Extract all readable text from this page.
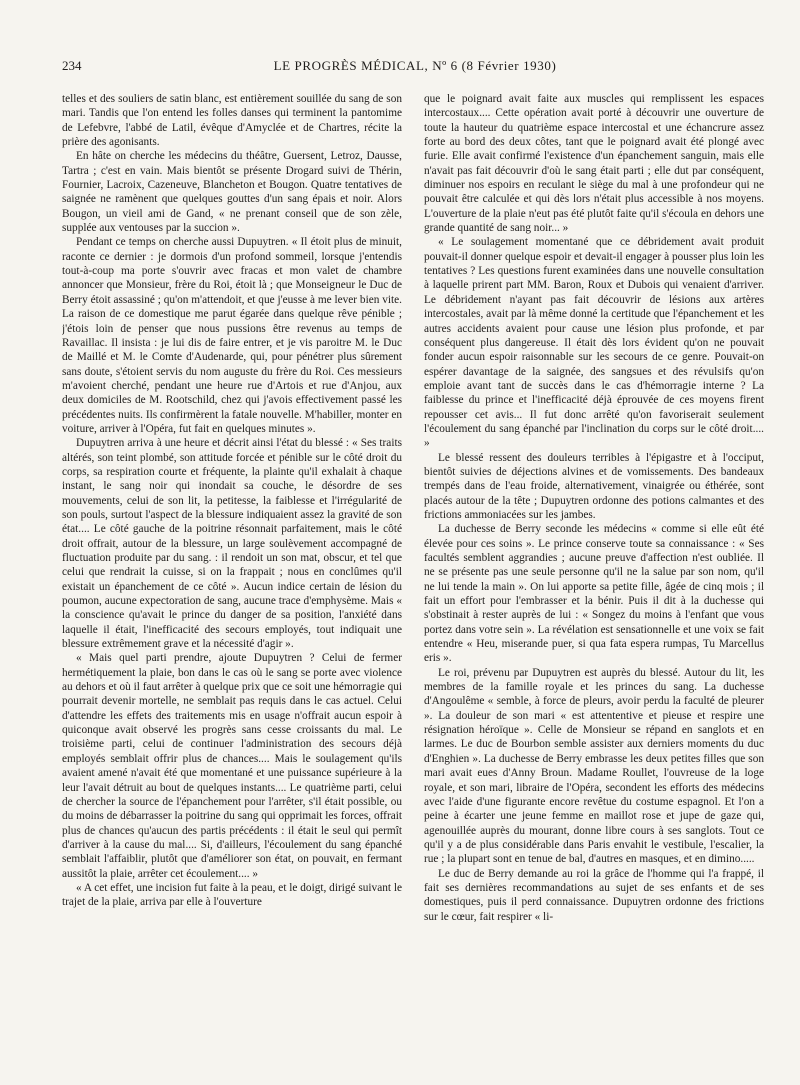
234	LE PROGRÈS MÉDICAL, Nº 6 (8 Février 1930)

telles et des souliers de satin blanc, est entièrement souillée du sang de son mari. Tandis que l'on entend les folles danses qui terminent la pantomime de Lefebvre, l'abbé de Latil, évêque d'Amyclée et de Chartres, récite la prière des agonisants.

En hâte on cherche les médecins du théâtre, Guersent, Letroz, Dausse, Tartra ; c'est en vain. Mais bientôt se présente Drogard suivi de Thérin, Fournier, Lacroix, Cazeneuve, Blancheton et Bougon. Quatre tentatives de saignée ne ramènent que quelques gouttes d'un sang épais et noir. Alors Bougon, un vieil ami de Gand, « ne prenant conseil que de son zèle, supplée aux ventouses par la succion ».

Pendant ce temps on cherche aussi Dupuytren. « Il étoit plus de minuit, raconte ce dernier : je dormois d'un profond sommeil, lorsque j'entendis tout-à-coup ma porte s'ouvrir avec fracas et mon valet de chambre annoncer que Monsieur, frère du Roi, étoit là ; que Monseigneur le Duc de Berry étoit assassiné ; qu'on m'attendoit, et que j'eusse à me lever bien vite. La raison de ce domestique me parut égarée dans quelque rêve pénible ; j'étois loin de penser que nous pussions être revenus au temps de Ravaillac. Il insista : je lui dis de faire entrer, et je vis paroitre M. le Duc de Maillé et M. le Comte d'Audenarde, qui, pour pénétrer plus sûrement sans doute, s'étoient servis du nom auguste du frère du Roi. Ces messieurs m'avoient cherché, pendant une heure rue d'Artois et rue d'Anjou, aux deux domiciles de M. Rootschild, chez qui j'avois effectivement passé les précédentes nuits. Ils confirmèrent la fatale nouvelle. M'habiller, monter en voiture, arriver à l'Opéra, fut fait en quelques minutes ».

Dupuytren arriva à une heure et décrit ainsi l'état du blessé : « Ses traits altérés, son teint plombé, son attitude forcée et pénible sur le côté droit du corps, sa respiration courte et fréquente, la plainte qu'il exhalait à chaque instant, le sang noir qui inondait sa couche, le désordre de ses mouvements, celui de son lit, la petitesse, la faiblesse et l'irrégularité de son pouls, surtout l'aspect de la blessure indiquaient assez la gravité de son état.... Le côté gauche de la poitrine résonnait parfaitement, mais le côté droit offrait, autour de la blessure, un large soulèvement accompagné de fluctuation produite par du sang. : il rendoit un son mat, obscur, et tel que celui que rendrait la cuisse, si on la frappait ; nous en conclûmes qu'il existait un épanchement de ce côté ». Aucun indice certain de lésion du poumon, aucune expectoration de sang, aucune trace d'emphysème. Mais « la conscience qu'avait le prince du danger de sa position, l'anxiété dans laquelle il était, l'inefficacité des secours employés, tout indiquait une blessure extrêmement grave et la nécessité d'agir ».

« Mais quel parti prendre, ajoute Dupuytren ? Celui de fermer hermétiquement la plaie, bon dans le cas où le sang se porte avec violence au dehors et où il faut arrêter à quelque prix que ce soit une hémorragie qui pourrait devenir mortelle, ne semblait pas requis dans le cas actuel. Celui d'attendre les effets des traitements mis en usage n'offrait aucun espoir à quiconque avait observé les progrès sans cesse croissants du mal. Le troisième parti, celui de continuer l'administration des secours déjà employés semblait offrir plus de chances.... Mais le soulagement qu'ils avaient amené n'avait été que momentané et une puissance supérieure à la leur l'avait détruit au bout de quelques instants.... Le quatrième parti, celui de chercher la source de l'épanchement pour l'arrêter, s'il était possible, ou du moins de débarrasser la poitrine du sang qui opprimait les forces, offrait plus de chances qu'aucun des partis précédents : il était le seul qui permît d'arriver à la cause du mal.... Si, d'ailleurs, l'écoulement du sang épanché semblait l'affaiblir, plutôt que d'améliorer son état, on pouvait, en fermant aussitôt la plaie, arrêter cet écoulement.... »

« A cet effet, une incision fut faite à la peau, et le doigt, dirigé suivant le trajet de la plaie, arriva par elle à l'ouverture

que le poignard avait faite aux muscles qui remplissent les espaces intercostaux.... Cette opération avait porté à découvrir une ouverture de toute la hauteur du quatrième espace intercostal et une échancrure assez forte au bord des deux côtes, tant que le poignard avait été plongé avec furie. Elle avait confirmé l'existence d'un épanchement sanguin, mais elle n'avait pas fait découvrir d'où le sang était parti ; elle dut par conséquent, diminuer nos espoirs en reculant le siège du mal à une profondeur qui ne pouvait être calculée et qui dès lors n'était plus accessible à nos moyens. L'ouverture de la plaie n'eut pas été plutôt faite qu'il s'écoula en dehors une grande quantité de sang noir... »

« Le soulagement momentané que ce débridement avait produit pouvait-il donner quelque espoir et devait-il engager à pousser plus loin les tentatives ? Les questions furent examinées dans une nouvelle consultation à laquelle prirent part MM. Baron, Roux et Dubois qui venaient d'arriver. Le débridement n'ayant pas fait découvrir de lésions aux artères intercostales, avait par là même donné la certitude que l'épanchement et les autres accidents avaient pour cause une lésion plus profonde, et par conséquent plus dangereuse. Il était dès lors évident qu'on ne pouvait fonder aucun espoir raisonnable sur les secours de ce genre. Pouvait-on espérer davantage de la saignée, des sangsues et des révulsifs qu'on emploie avant tant de succès dans le cas d'hémorragie interne ? La faiblesse du prince et l'inefficacité déjà éprouvée de ces moyens firent repousser cet avis... Il fut donc arrêté qu'on favoriserait seulement l'écoulement du sang épanché par l'inclination du corps sur le côté droit.... »

Le blessé ressent des douleurs terribles à l'épigastre et à l'occiput, bientôt suivies de déjections alvines et de vomissements. Des bandeaux trempés dans de l'eau froide, alternativement, vinaigrée ou éthérée, sont placés autour de la tête ; Dupuytren ordonne des potions calmantes et des frictions ammoniacées sur les jambes.

La duchesse de Berry seconde les médecins « comme si elle eût été élevée pour ces soins ». Le prince conserve toute sa connaissance : « Ses facultés semblent aggrandies ; aucune preuve d'affection n'est oubliée. Il ne se présente pas une seule personne qu'il ne la salue par son nom, qu'il ne lui tende la main ». On lui apporte sa petite fille, âgée de cinq mois ; il fait un effort pour l'embrasser et la bénir. Puis il dit à la duchesse qui s'obstinait à rester auprès de lui : « Songez du moins à l'enfant que vous portez dans votre sein ». La révélation est sensationnelle et une voix se fait entendre « Heu, miserande puer, si qua fata espera rumpas, Tu Marcellus eris ».

Le roi, prévenu par Dupuytren est auprès du blessé. Autour du lit, les membres de la famille royale et les princes du sang. La duchesse d'Angoulême « semble, à force de pleurs, avoir perdu la faculté de pleurer ». La douleur de son mari « est attententive et pieuse et respire une résignation héroïque ». Celle de Monsieur se répand en sanglots et en larmes. Le duc de Bourbon semble assister aux derniers moments du duc d'Enghien ». La duchesse de Berry embrasse les deux petites filles que son mari avait eues d'Anny Broun. Madame Roullet, l'ouvreuse de la loge royale, et son mari, libraire de l'Opéra, secondent les efforts des médecins avec l'aide d'une figurante encore revêtue du costume espagnol. Et l'on a peine à écarter une jeune femme en maillot rose et jupe de gaze qui, agenouillée auprès du mourant, donne libre cours à ses sanglots. Tout ce qu'il y a de plus considérable dans Paris envahit le vestibule, l'escalier, la rue ; la plupart sont en tenue de bal, d'autres en masques, et en dimino.....

Le duc de Berry demande au roi la grâce de l'homme qui l'a frappé, il fait ses dernières recommandations au sujet de ses enfants et de ses domestiques, puis il perd connaissance. Dupuytren ordonne des frictions sur le cœur, fait respirer « li-
